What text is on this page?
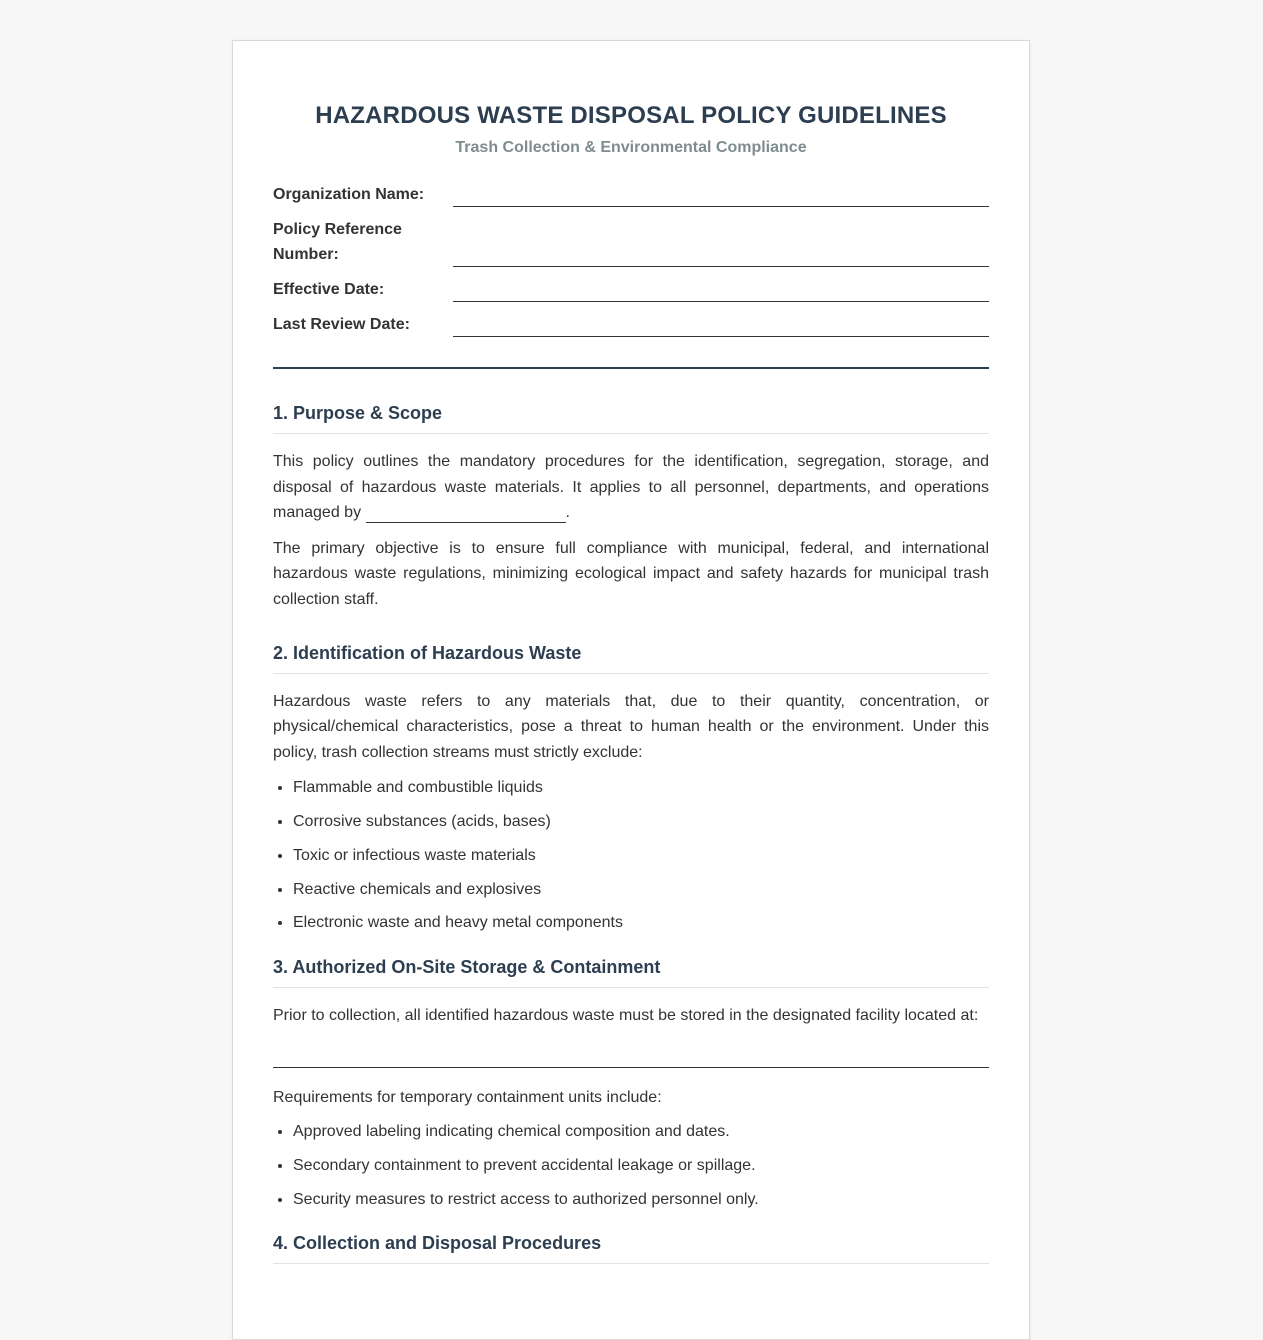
HAZARDOUS WASTE DISPOSAL POLICY GUIDELINES
Trash Collection & Environmental Compliance
Organization Name:
Policy Reference Number:
Effective Date:
Last Review Date:
1. Purpose & Scope

This policy outlines the mandatory procedures for the identification, segregation, storage, and disposal of hazardous waste materials. It applies to all personnel, departments, and operations managed by	.

The primary objective is to ensure full compliance with municipal, federal, and international hazardous waste regulations, minimizing ecological impact and safety hazards for municipal trash collection staff.

2. Identification of Hazardous Waste

Hazardous waste refers to any materials that, due to their quantity, concentration, or physical/chemical characteristics, pose a threat to human health or the environment. Under this policy, trash collection streams must strictly exclude:

• Flammable and combustible liquids
• Corrosive substances (acids, bases)
• Toxic or infectious waste materials
• Reactive chemicals and explosives
• Electronic waste and heavy metal components
3. Authorized On-Site Storage & Containment

Prior to collection, all identified hazardous waste must be stored in the designated facility located at:

Requirements for temporary containment units include:

• Approved labeling indicating chemical composition and dates.
• Secondary containment to prevent accidental leakage or spillage.
• Security measures to restrict access to authorized personnel only.
4. Collection and Disposal Procedures
